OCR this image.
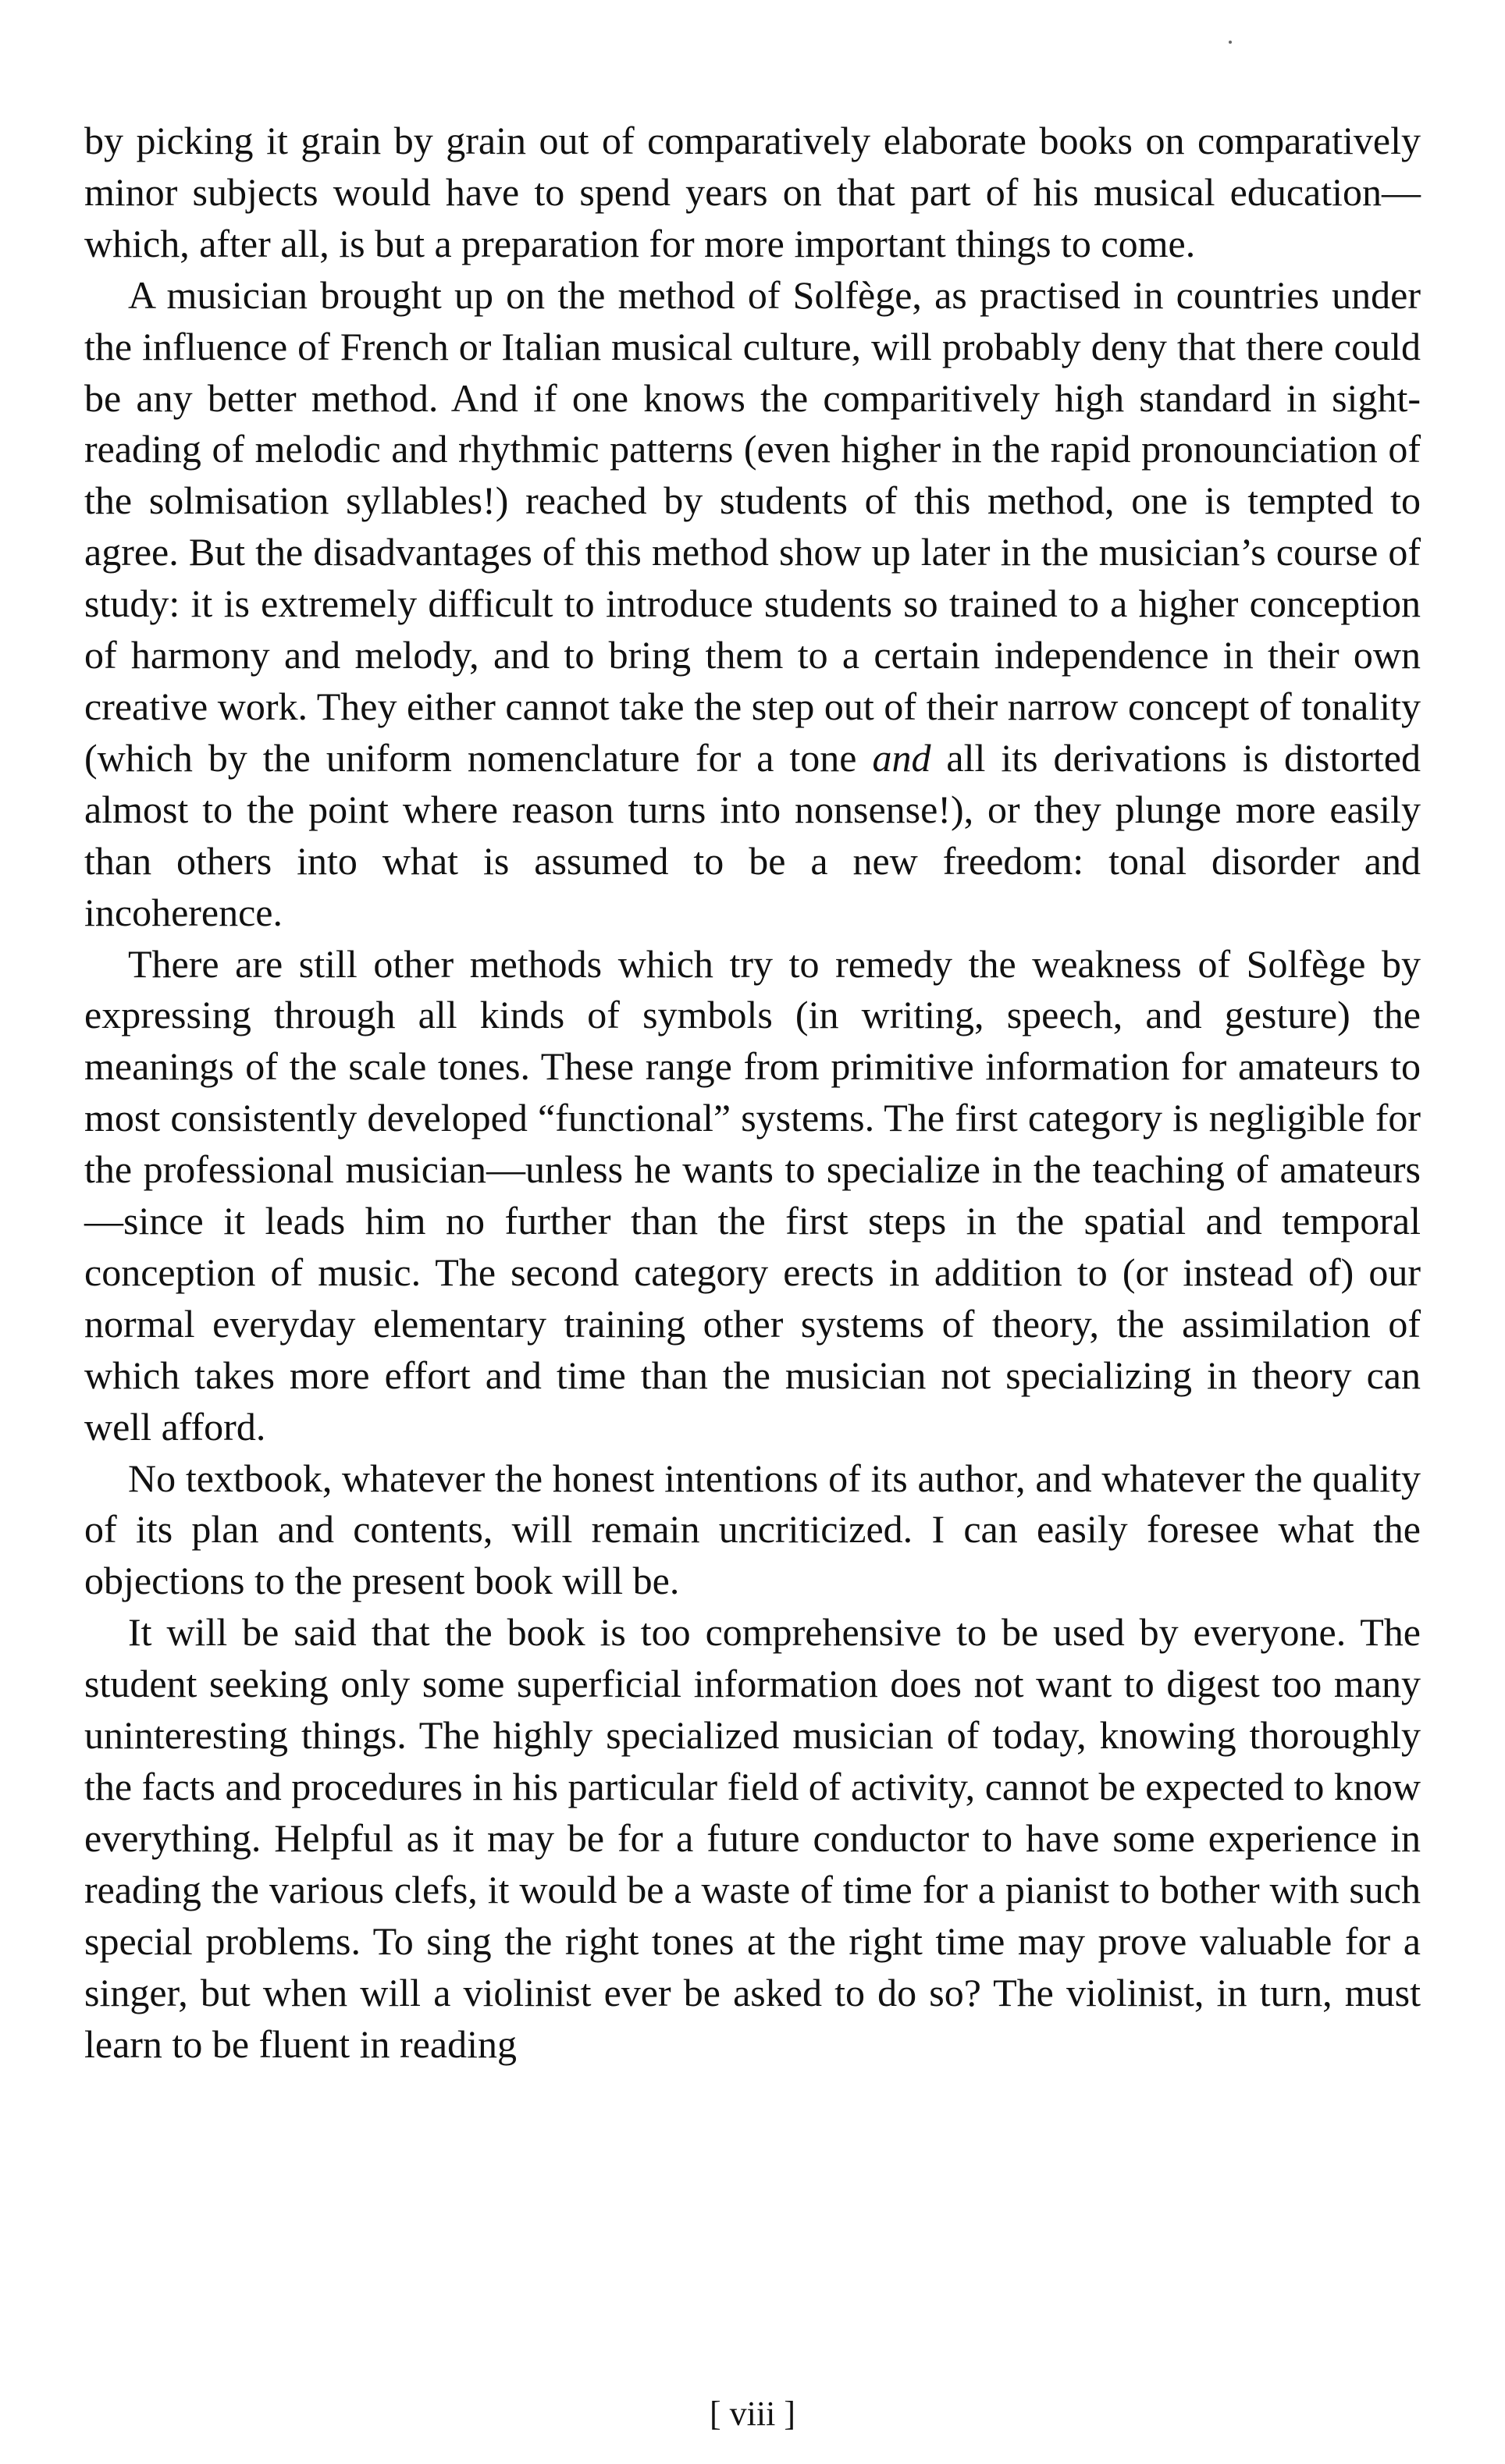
by picking it grain by grain out of comparatively elaborate books on comparatively minor subjects would have to spend years on that part of his musical education—which, after all, is but a preparation for more important things to come.

A musician brought up on the method of Solfège, as practised in countries under the influence of French or Italian musical culture, will probably deny that there could be any better method. And if one knows the comparitively high standard in sight-reading of melodic and rhythmic patterns (even higher in the rapid pronounciation of the solmisation syllables!) reached by students of this method, one is tempted to agree. But the disadvantages of this method show up later in the musician’s course of study: it is extremely difficult to introduce students so trained to a higher conception of harmony and melody, and to bring them to a certain independence in their own creative work. They either cannot take the step out of their narrow concept of tonality (which by the uniform nomenclature for a tone and all its derivations is distorted almost to the point where reason turns into nonsense!), or they plunge more easily than others into what is assumed to be a new freedom: tonal disorder and incoherence.

There are still other methods which try to remedy the weakness of Solfège by expressing through all kinds of symbols (in writing, speech, and gesture) the meanings of the scale tones. These range from primitive information for amateurs to most consistently developed “functional” systems. The first category is negligible for the professional musician—unless he wants to specialize in the teaching of amateurs—since it leads him no further than the first steps in the spatial and temporal conception of music. The second category erects in addition to (or instead of) our normal everyday elementary training other systems of theory, the assimilation of which takes more effort and time than the musician not specializing in theory can well afford.

No textbook, whatever the honest intentions of its author, and whatever the quality of its plan and contents, will remain uncriticized. I can easily foresee what the objections to the present book will be.

It will be said that the book is too comprehensive to be used by everyone. The student seeking only some superficial information does not want to digest too many uninteresting things. The highly specialized musician of today, knowing thoroughly the facts and procedures in his particular field of activity, cannot be expected to know everything. Helpful as it may be for a future conductor to have some experience in reading the various clefs, it would be a waste of time for a pianist to bother with such special problems. To sing the right tones at the right time may prove valuable for a singer, but when will a violinist ever be asked to do so? The violinist, in turn, must learn to be fluent in reading

[ viii ]
